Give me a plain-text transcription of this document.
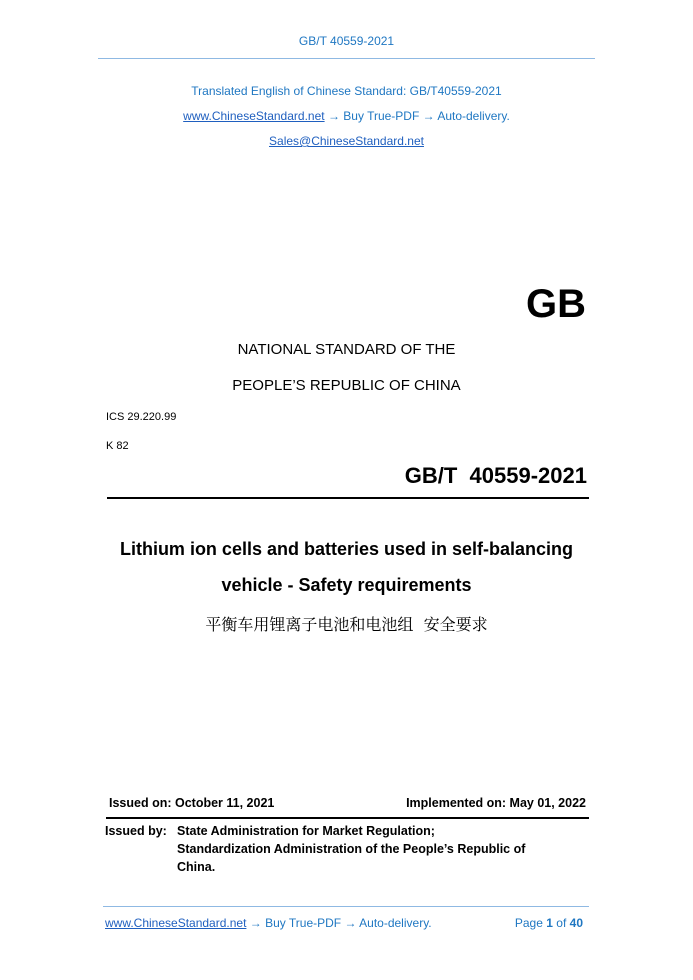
GB/T 40559-2021
Translated English of Chinese Standard: GB/T40559-2021
www.ChineseStandard.net → Buy True-PDF → Auto-delivery.
Sales@ChineseStandard.net
GB
NATIONAL STANDARD OF THE
PEOPLE’S REPUBLIC OF CHINA
ICS 29.220.99
K 82
GB/T  40559-2021
Lithium ion cells and batteries used in self-balancing
vehicle - Safety requirements
平衡车用锂离子电池和电池组  安全要求
Issued on: October 11, 2021	Implemented on: May 01, 2022
Issued by: State Administration for Market Regulation;
Standardization Administration of the People’s Republic of
China.
www.ChineseStandard.net → Buy True-PDF → Auto-delivery.	Page 1 of 40
